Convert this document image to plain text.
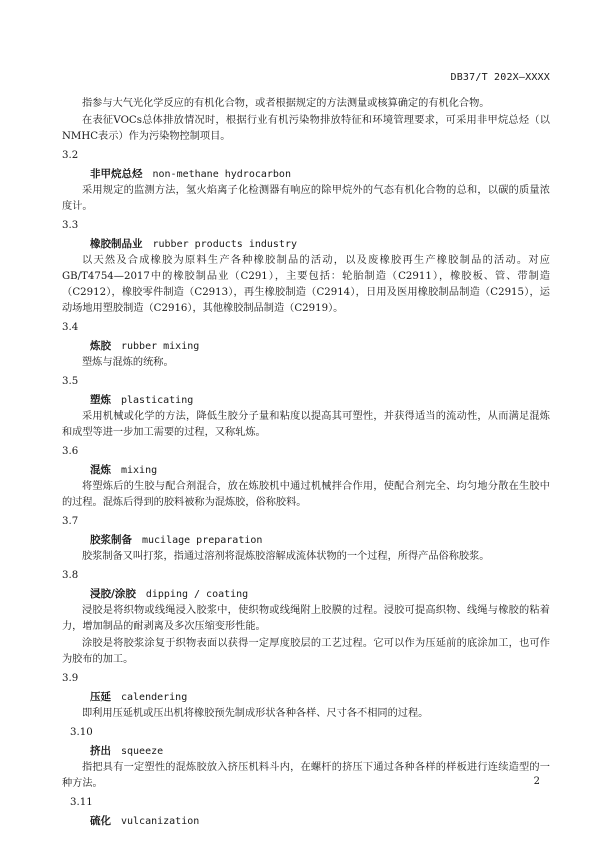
DB37/T 202X—XXXX

指参与大气光化学反应的有机化合物，或者根据规定的方法测量或核算确定的有机化合物。

在表征VOCs总体排放情况时，根据行业有机污染物排放特征和环境管理要求，可采用非甲烷总烃（以NMHC表示）作为污染物控制项目。

3.2
非甲烷总烃 non-methane hydrocarbon

采用规定的监测方法，氢火焰离子化检测器有响应的除甲烷外的气态有机化合物的总和，以碳的质量浓度计。

3.3
橡胶制品业 rubber products industry

以天然及合成橡胶为原料生产各种橡胶制品的活动，以及废橡胶再生产橡胶制品的活动。对应GB/T4754—2017中的橡胶制品业（C291），主要包括：轮胎制造（C2911），橡胶板、管、带制造（C2912），橡胶零件制造（C2913），再生橡胶制造（C2914），日用及医用橡胶制品制造（C2915），运动场地用塑胶制造（C2916），其他橡胶制品制造（C2919）。

3.4
炼胶 rubber mixing

塑炼与混炼的统称。

3.5
塑炼 plasticating

采用机械或化学的方法，降低生胶分子量和粘度以提高其可塑性，并获得适当的流动性，从而满足混炼和成型等进一步加工需要的过程，又称轧炼。

3.6
混炼 mixing

将塑炼后的生胶与配合剂混合，放在炼胶机中通过机械拌合作用，使配合剂完全、均匀地分散在生胶中的过程。混炼后得到的胶料被称为混炼胶，俗称胶料。

3.7
胶浆制备 mucilage preparation

胶浆制备又叫打浆，指通过溶剂将混炼胶溶解成流体状物的一个过程，所得产品俗称胶浆。

3.8
浸胶/涂胶 dipping / coating

浸胶是将织物或线绳浸入胶浆中，使织物或线绳附上胶膜的过程。浸胶可提高织物、线绳与橡胶的粘着力，增加制品的耐剥离及多次压缩变形性能。

涂胶是将胶浆涂复于织物表面以获得一定厚度胶层的工艺过程。它可以作为压延前的底涂加工，也可作为胶布的加工。

3.9
压延 calendering

即利用压延机或压出机将橡胶预先制成形状各种各样、尺寸各不相同的过程。

3.10
挤出 squeeze

指把具有一定塑性的混炼胶放入挤压机料斗内，在螺杆的挤压下通过各种各样的样板进行连续造型的一种方法。

3.11
硫化 vulcanization
2
